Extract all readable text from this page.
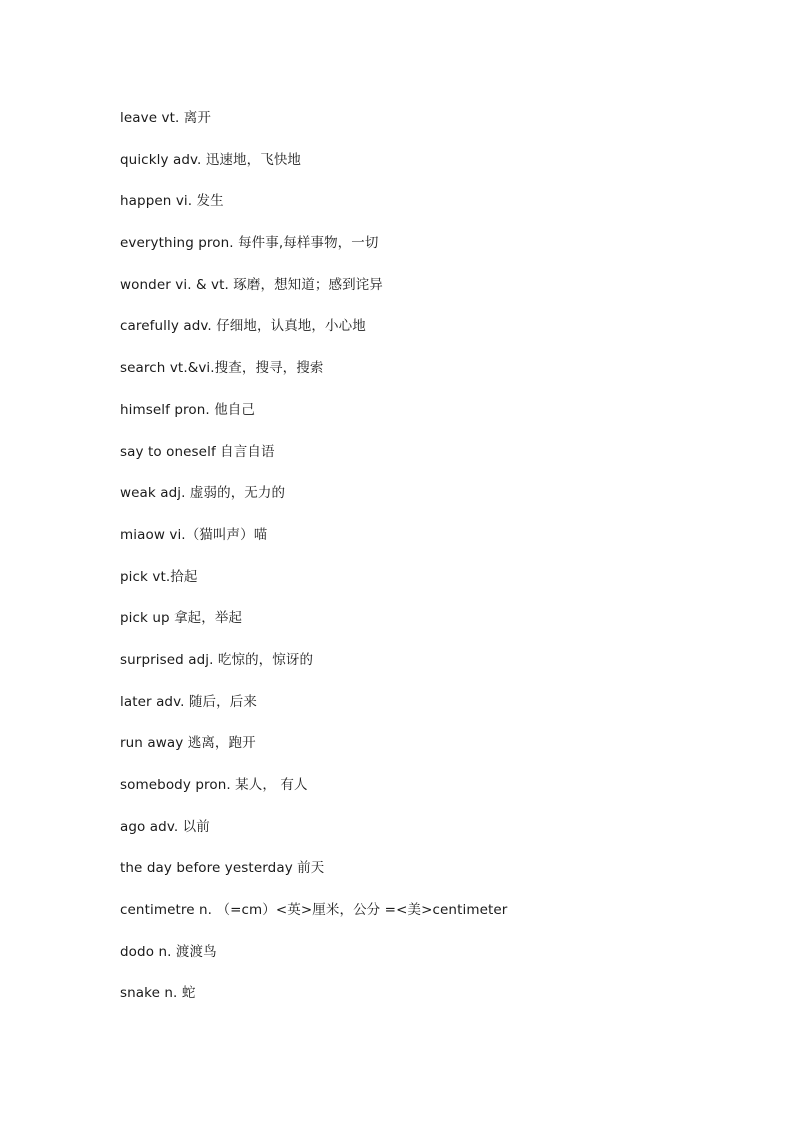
leave vt. 离开
quickly adv. 迅速地，飞快地
happen vi. 发生
everything pron. 每件事,每样事物，一切
wonder vi. & vt. 琢磨，想知道；感到诧异
carefully adv. 仔细地，认真地，小心地
search vt.&vi.搜查，搜寻，搜索
himself pron. 他自己
say to oneself 自言自语
weak adj. 虚弱的，无力的
miaow vi.（猫叫声）喵
pick vt.拾起
pick up 拿起，举起
surprised adj. 吃惊的，惊讶的
later adv. 随后，后来
run away 逃离，跑开
somebody pron. 某人， 有人
ago adv. 以前
the day before yesterday 前天
centimetre n. （=cm）<英>厘米，公分 =<美>centimeter
dodo n. 渡渡鸟
snake n. 蛇
